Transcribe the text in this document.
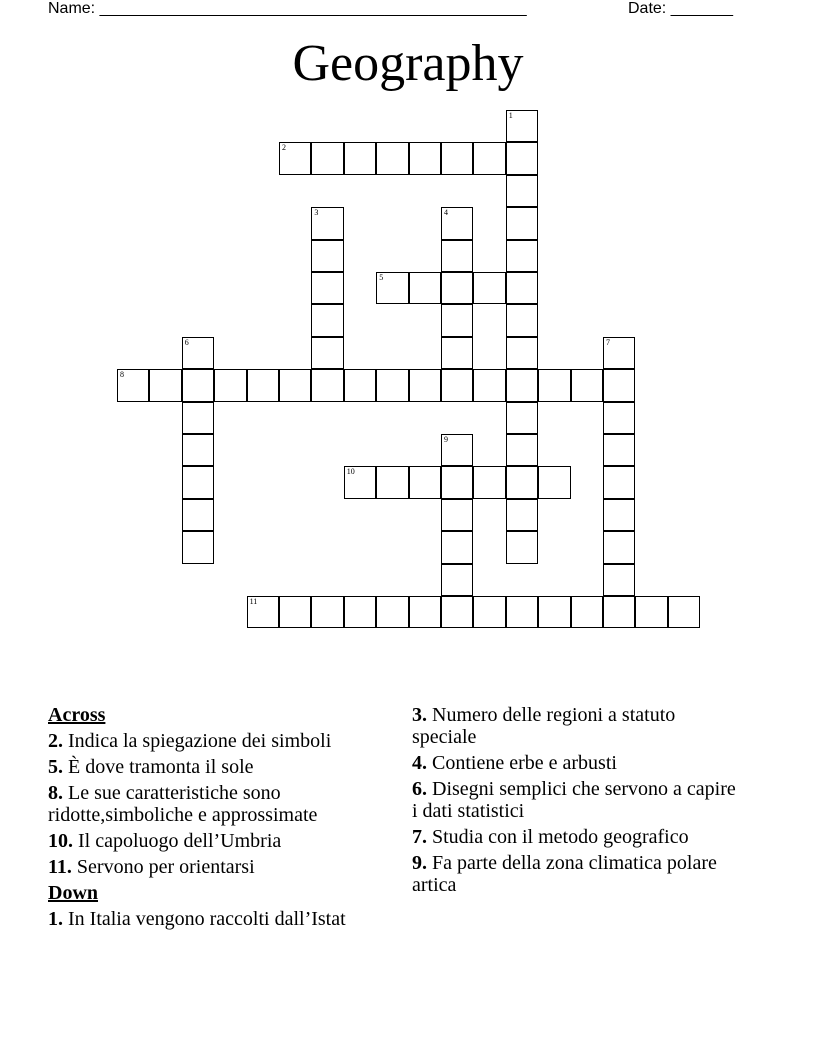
Name: ________________________________________________	Date: _______
Geography
1
2
3	4
5
6	7
8
9
10
11
Across
2. Indica la spiegazione dei simboli
5. È dove tramonta il sole
8. Le sue caratteristiche sono ridotte,simboliche e approssimate
10. Il capoluogo dell’Umbria
11. Servono per orientarsi
Down
1. In Italia vengono raccolti dall’Istat
3. Numero delle regioni a statuto speciale
4. Contiene erbe e arbusti
6. Disegni semplici che servono a capire i dati statistici
7. Studia con il metodo geografico
9. Fa parte della zona climatica polare artica
